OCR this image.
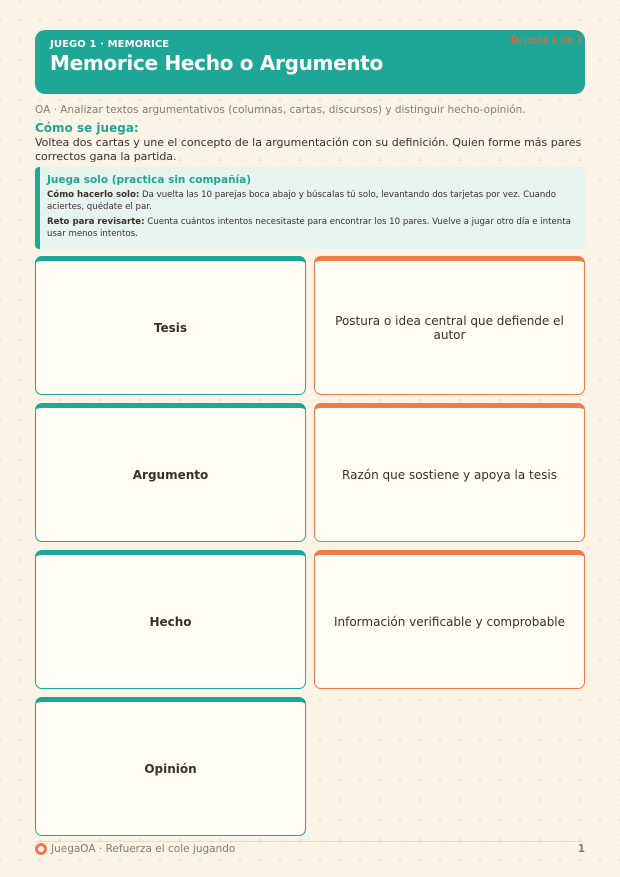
JUEGO 1 · MEMORICE
Memorice Hecho o Argumento
Tarjetas 1 de 2
OA · Analizar textos argumentativos (columnas, cartas, discursos) y distinguir hecho-opinión.
Cómo se juega:
Voltea dos cartas y une el concepto de la argumentación con su definición. Quien forme más pares correctos gana la partida.
Juega solo (practica sin compañía)

Cómo hacerlo solo: Da vuelta las 10 parejas boca abajo y búscalas tú solo, levantando dos tarjetas por vez. Cuando aciertes, quédate el par.

Reto para revisarte: Cuenta cuántos intentos necesitaste para encontrar los 10 pares. Vuelve a jugar otro día e intenta usar menos intentos.

Tesis	Postura o idea central que defiende el autor
Argumento	Razón que sostiene y apoya la tesis
Hecho	Información verificable y comprobable
Opinión
JuegaOA · Refuerza el cole jugando	1
